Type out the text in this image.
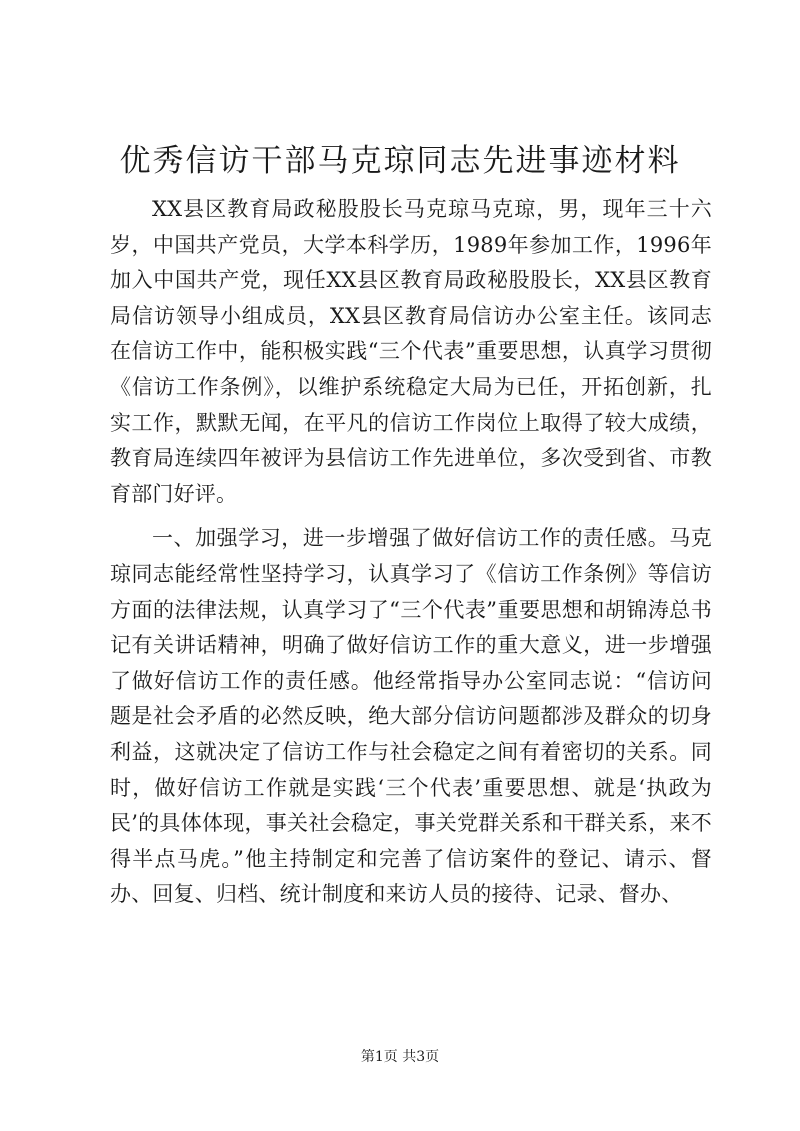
优秀信访干部马克琼同志先进事迹材料

XX县区教育局政秘股股长马克琼马克琼，男，现年三十六岁，中国共产党员，大学本科学历，1989年参加工作，1996年加入中国共产党，现任XX县区教育局政秘股股长，XX县区教育局信访领导小组成员，XX县区教育局信访办公室主任。该同志在信访工作中，能积极实践“三个代表”重要思想，认真学习贯彻《信访工作条例》，以维护系统稳定大局为已任，开拓创新，扎实工作，默默无闻，在平凡的信访工作岗位上取得了较大成绩，教育局连续四年被评为县信访工作先进单位，多次受到省、市教育部门好评。

一、加强学习，进一步增强了做好信访工作的责任感。马克琼同志能经常性坚持学习，认真学习了《信访工作条例》等信访方面的法律法规，认真学习了“三个代表”重要思想和胡锦涛总书记有关讲话精神，明确了做好信访工作的重大意义，进一步增强了做好信访工作的责任感。他经常指导办公室同志说：“信访问题是社会矛盾的必然反映，绝大部分信访问题都涉及群众的切身利益，这就决定了信访工作与社会稳定之间有着密切的关系。同时，做好信访工作就是实践‘三个代表’重要思想、就是‘执政为民’的具体体现，事关社会稳定，事关党群关系和干群关系，来不得半点马虎。”他主持制定和完善了信访案件的登记、请示、督办、回复、归档、统计制度和来访人员的接待、记录、督办、

第1页 共3页
